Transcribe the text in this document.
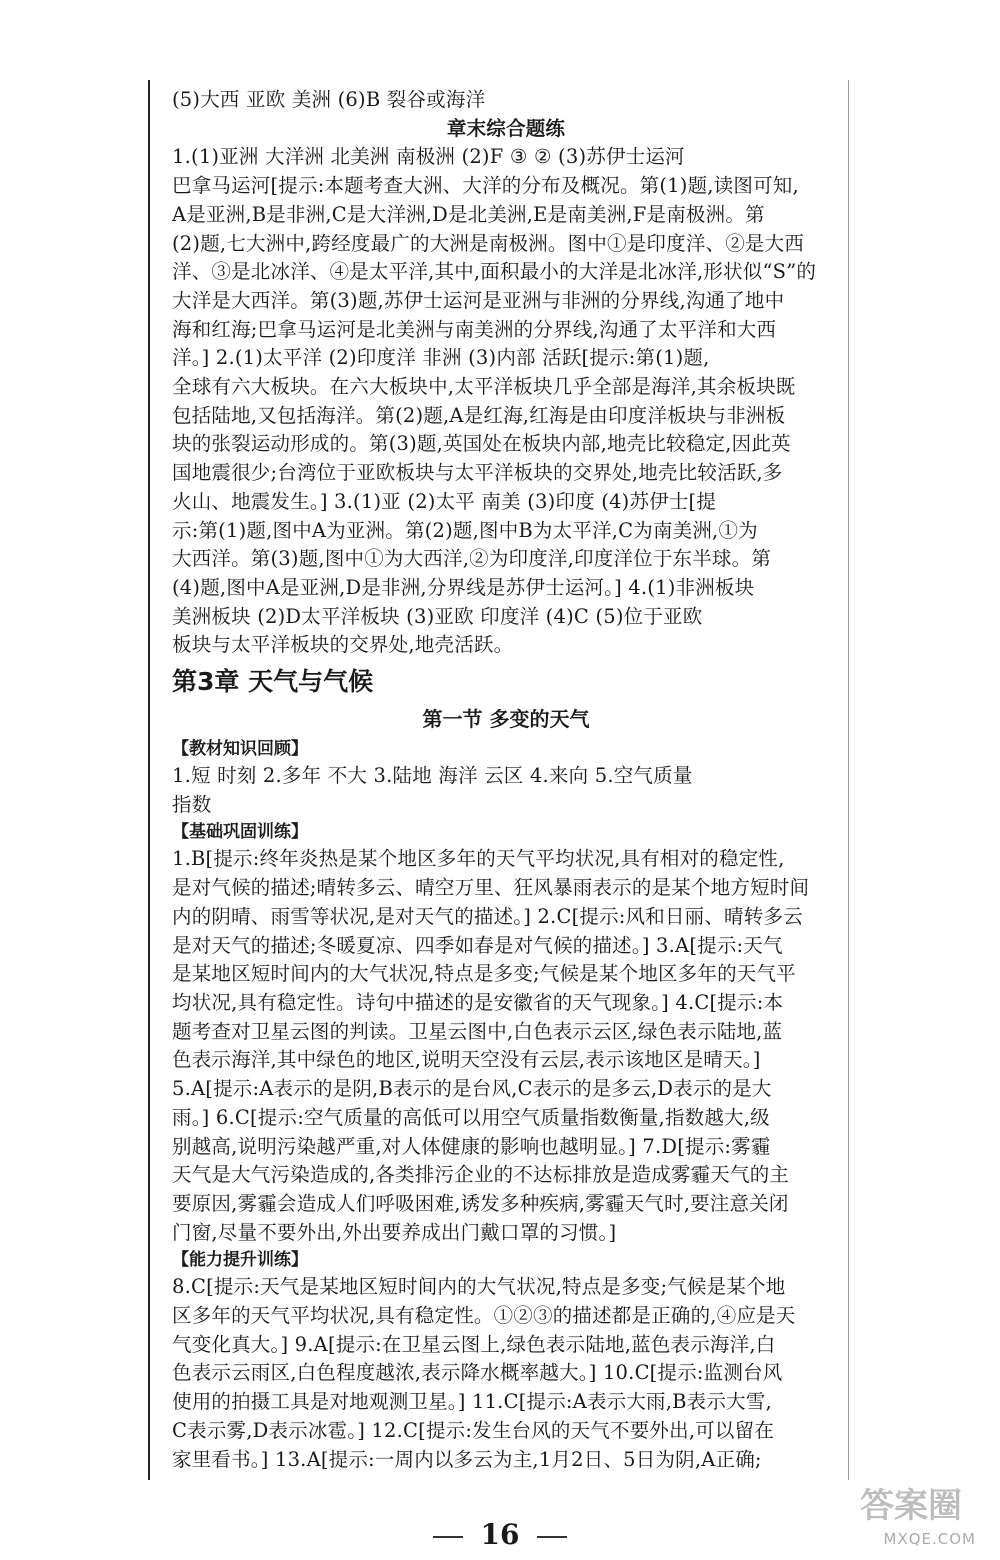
(5)大西 亚欧 美洲 (6)B 裂谷或海洋
章末综合题练
1.(1)亚洲 大洋洲 北美洲 南极洲 (2)F ③ ② (3)苏伊士运河
巴拿马运河[提示:本题考查大洲、大洋的分布及概况。第(1)题,读图可知,
A是亚洲,B是非洲,C是大洋洲,D是北美洲,E是南美洲,F是南极洲。第
(2)题,七大洲中,跨经度最广的大洲是南极洲。图中①是印度洋、②是大西
洋、③是北冰洋、④是太平洋,其中,面积最小的大洋是北冰洋,形状似“S”的
大洋是大西洋。第(3)题,苏伊士运河是亚洲与非洲的分界线,沟通了地中
海和红海;巴拿马运河是北美洲与南美洲的分界线,沟通了太平洋和大西
洋。] 2.(1)太平洋 (2)印度洋 非洲 (3)内部 活跃[提示:第(1)题,
全球有六大板块。在六大板块中,太平洋板块几乎全部是海洋,其余板块既
包括陆地,又包括海洋。第(2)题,A是红海,红海是由印度洋板块与非洲板
块的张裂运动形成的。第(3)题,英国处在板块内部,地壳比较稳定,因此英
国地震很少;台湾位于亚欧板块与太平洋板块的交界处,地壳比较活跃,多
火山、地震发生。] 3.(1)亚 (2)太平 南美 (3)印度 (4)苏伊士[提
示:第(1)题,图中A为亚洲。第(2)题,图中B为太平洋,C为南美洲,①为
大西洋。第(3)题,图中①为大西洋,②为印度洋,印度洋位于东半球。第
(4)题,图中A是亚洲,D是非洲,分界线是苏伊士运河。] 4.(1)非洲板块
美洲板块 (2)D太平洋板块 (3)亚欧 印度洋 (4)C (5)位于亚欧
板块与太平洋板块的交界处,地壳活跃。
第3章 天气与气候
第一节 多变的天气
【教材知识回顾】
1.短 时刻 2.多年 不大 3.陆地 海洋 云区 4.来向 5.空气质量
指数
【基础巩固训练】
1.B[提示:终年炎热是某个地区多年的天气平均状况,具有相对的稳定性,
是对气候的描述;晴转多云、晴空万里、狂风暴雨表示的是某个地方短时间
内的阴晴、雨雪等状况,是对天气的描述。] 2.C[提示:风和日丽、晴转多云
是对天气的描述;冬暖夏凉、四季如春是对气候的描述。] 3.A[提示:天气
是某地区短时间内的大气状况,特点是多变;气候是某个地区多年的天气平
均状况,具有稳定性。诗句中描述的是安徽省的天气现象。] 4.C[提示:本
题考查对卫星云图的判读。卫星云图中,白色表示云区,绿色表示陆地,蓝
色表示海洋,其中绿色的地区,说明天空没有云层,表示该地区是晴天。]
5.A[提示:A表示的是阴,B表示的是台风,C表示的是多云,D表示的是大
雨。] 6.C[提示:空气质量的高低可以用空气质量指数衡量,指数越大,级
别越高,说明污染越严重,对人体健康的影响也越明显。] 7.D[提示:雾霾
天气是大气污染造成的,各类排污企业的不达标排放是造成雾霾天气的主
要原因,雾霾会造成人们呼吸困难,诱发多种疾病,雾霾天气时,要注意关闭
门窗,尽量不要外出,外出要养成出门戴口罩的习惯。]
【能力提升训练】
8.C[提示:天气是某地区短时间内的大气状况,特点是多变;气候是某个地
区多年的天气平均状况,具有稳定性。①②③的描述都是正确的,④应是天
气变化真大。] 9.A[提示:在卫星云图上,绿色表示陆地,蓝色表示海洋,白
色表示云雨区,白色程度越浓,表示降水概率越大。] 10.C[提示:监测台风
使用的拍摄工具是对地观测卫星。] 11.C[提示:A表示大雨,B表示大雪,
C表示雾,D表示冰雹。] 12.C[提示:发生台风的天气不要外出,可以留在
家里看书。] 13.A[提示:一周内以多云为主,1月2日、5日为阴,A正确;
16
答案圈
MXQE.COM
